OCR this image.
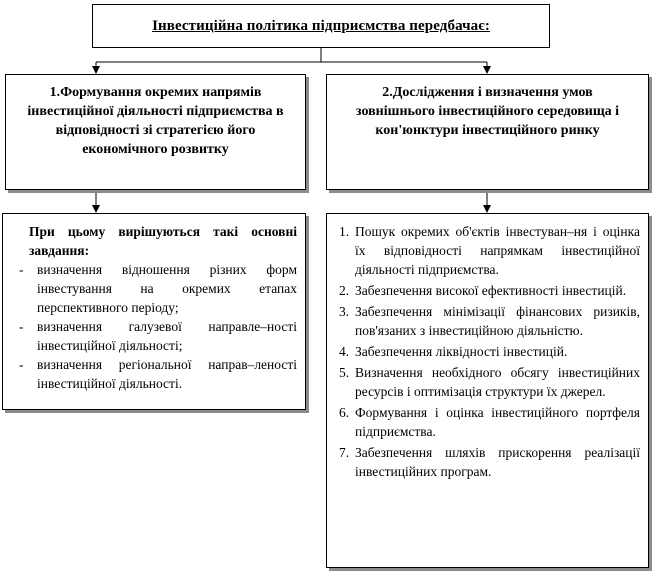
Інвестиційна політика підприємства передбачає:
1.Формування окремих напрямів інвестиційної діяльності підприємства в відповідності зі стратегією його економічного розвитку
2.Дослідження і визначення умов зовнішнього інвестиційного середовища і кон'юнктури інвестиційного ринку

При цьому вирішуються такі основні завдання:

- визначення відношення різних форм інвестування на окремих етапах перспективного періоду;
- визначення галузевої направле–ності інвестиційної діяльності;
- визначення регіональної направ–леності інвестиційної діяльності.
1. Пошук окремих об'єктів інвестуван–ня і оцінка їх відповідності напрямкам інвестиційної діяльності підприємства.
2. Забезпечення високої ефективності інвестицій.
3. Забезпечення мінімізації фінансових ризиків, пов'язаних з інвестиційною діяльністю.
4. Забезпечення ліквідності інвестицій.
5. Визначення необхідного обсягу інвестиційних ресурсів і оптимізація структури їх джерел.
6. Формування і оцінка інвестиційного портфеля підприємства.
7. Забезпечення шляхів прискорення реалізації інвестиційних програм.
